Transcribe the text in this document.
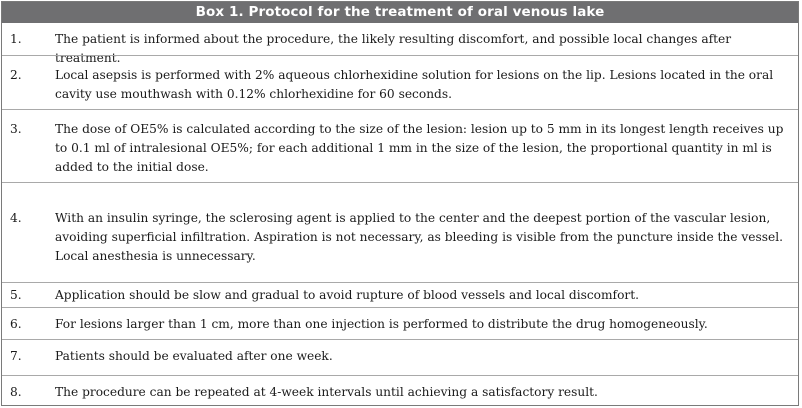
Box 1. Protocol for the treatment of oral venous lake
1.	The patient is informed about the procedure, the likely resulting discomfort, and possible local changes after treatment.
2.	Local asepsis is performed with 2% aqueous chlorhexidine solution for lesions on the lip. Lesions located in the oral cavity use mouthwash with 0.12% chlorhexidine for 60 seconds.
3.	The dose of OE5% is calculated according to the size of the lesion: lesion up to 5 mm in its longest length receives up to 0.1 ml of intralesional OE5%; for each additional 1 mm in the size of the lesion, the proportional quantity in ml is added to the initial dose.
4.	With an insulin syringe, the sclerosing agent is applied to the center and the deepest portion of the vascular lesion, avoiding superficial infiltration. Aspiration is not necessary, as bleeding is visible from the puncture inside the vessel. Local anesthesia is unnecessary.
5.	Application should be slow and gradual to avoid rupture of blood vessels and local discomfort.
6.	For lesions larger than 1 cm, more than one injection is performed to distribute the drug homogeneously.
7.	Patients should be evaluated after one week.
8.	The procedure can be repeated at 4-week intervals until achieving a satisfactory result.
